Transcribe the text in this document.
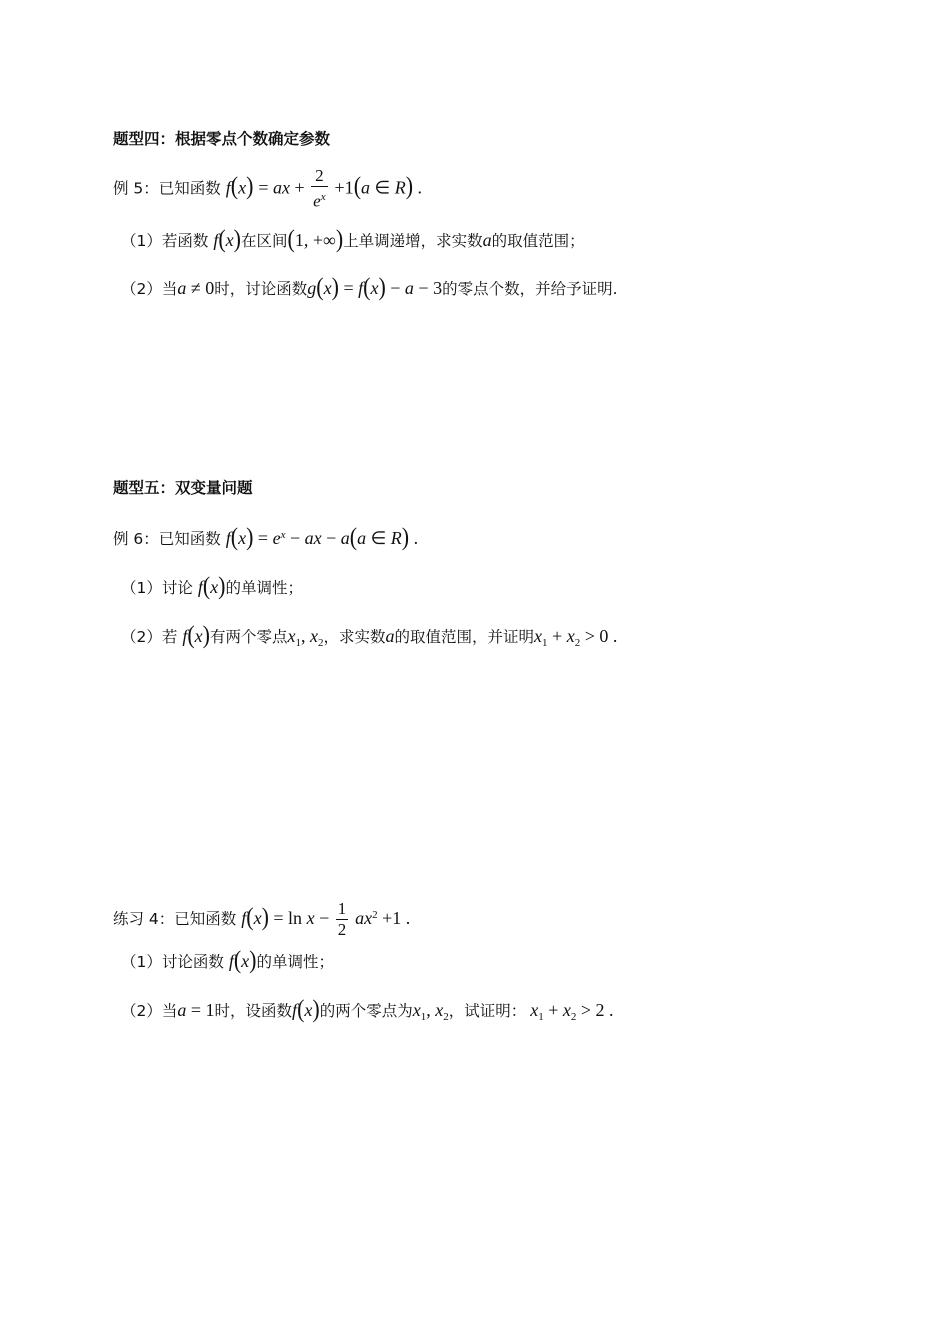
题型四：根据零点个数确定参数
例 5：已知函数 f(x) = ax + $\frac{2}{e^x} +1(a$ ∈ R) .
（1）若函数 f(x)在区间(1, +∞)上单调递增，求实数a的取值范围；
（2）当a ≠ 0时，讨论函数g(x) = f(x) − a − 3的零点个数，并给予证明.
题型五：双变量问题
例 6：已知函数 $f(x) = e^x$ − ax − a(a ∈ R) .
（1）讨论 f(x)的单调性；
（2）若 f(x)有两个零点$x_1$, $x_2$，求实数a的取值范围，并证明$x_1 + x_2 > 0$ .
练习 4：已知函数 $f(x) = \ln x - \frac{1}{2} ax^2 +1$ .
（1）讨论函数 f(x)的单调性；
（2）当a = 1时，设函数f(x)的两个零点为$x_1$, $x_2$，试证明： $x_1 + x_2 > 2$ .
